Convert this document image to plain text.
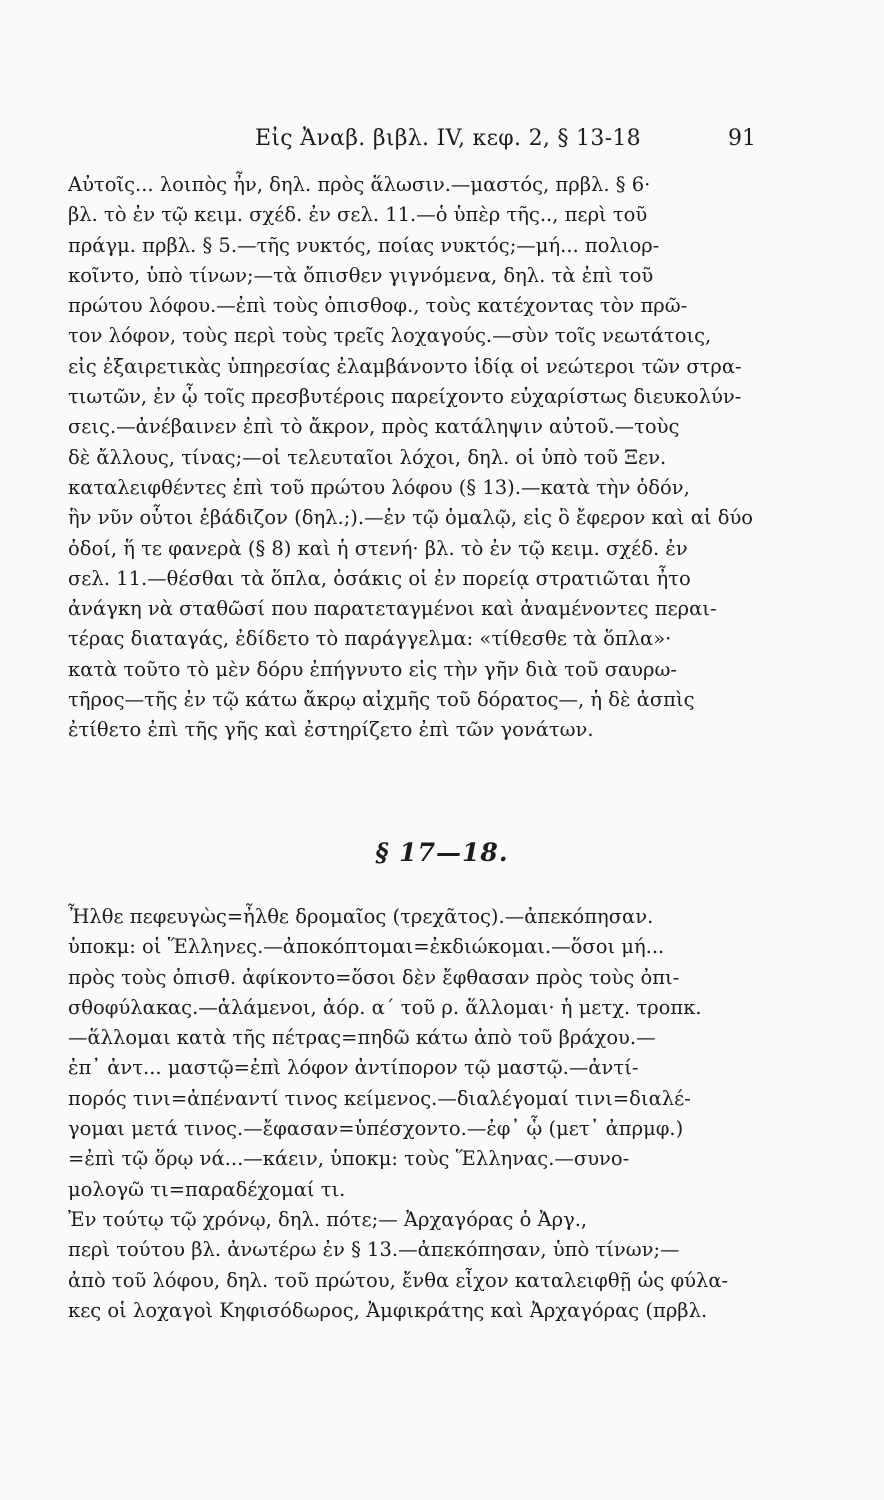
Εἰς Ἀναβ. βιβλ. IV, κεφ. 2, § 13-18	91
Αὐτοῖς... λοιπὸς ἦν, δηλ. πρὸς ἅλωσιν.—μαστός, πρβλ. § 6·
βλ. τὸ ἐν τῷ κειμ. σχέδ. ἐν σελ. 11.—ὁ ὑπὲρ τῆς.., περὶ τοῦ
πράγμ. πρβλ. § 5.—τῆς νυκτός, ποίας νυκτός;—μή... πολιορ-
κοῖντο, ὑπὸ τίνων;—τὰ ὄπισθεν γιγνόμενα, δηλ. τὰ ἐπὶ τοῦ
πρώτου λόφου.—ἐπὶ τοὺς ὀπισθοφ., τοὺς κατέχοντας τὸν πρῶ-
τον λόφον, τοὺς περὶ τοὺς τρεῖς λοχαγούς.—σὺν τοῖς νεωτάτοις,
εἰς ἐξαιρετικὰς ὑπηρεσίας ἐλαμβάνοντο ἰδίᾳ οἱ νεώτεροι τῶν στρα-
τιωτῶν, ἐν ᾧ τοῖς πρεσβυτέροις παρείχοντο εὐχαρίστως διευκολύν-
σεις.—ἀνέβαινεν ἐπὶ τὸ ἄκρον, πρὸς κατάληψιν αὐτοῦ.—τοὺς
δὲ ἄλλους, τίνας;—οἱ τελευταῖοι λόχοι, δηλ. οἱ ὑπὸ τοῦ Ξεν.
καταλειφθέντες ἐπὶ τοῦ πρώτου λόφου (§ 13).—κατὰ τὴν ὁδόν,
ἣν νῦν οὗτοι ἐβάδιζον (δηλ.;).—ἐν τῷ ὁμαλῷ, εἰς ὃ ἔφερον καὶ αἱ δύο
ὁδοί, ἥ τε φανερὰ (§ 8) καὶ ἡ στενή· βλ. τὸ ἐν τῷ κειμ. σχέδ. ἐν
σελ. 11.—θέσθαι τὰ ὅπλα, ὁσάκις οἱ ἐν πορείᾳ στρατιῶται ἦτο
ἀνάγκη νὰ σταθῶσί που παρατεταγμένοι καὶ ἀναμένοντες περαι-
τέρας διαταγάς, ἐδίδετο τὸ παράγγελμα: «τίθεσθε τὰ ὅπλα»·
κατὰ τοῦτο τὸ μὲν δόρυ ἐπήγνυτο εἰς τὴν γῆν διὰ τοῦ σαυρω-
τῆρος—τῆς ἐν τῷ κάτω ἄκρῳ αἰχμῆς τοῦ δόρατος—, ἡ δὲ ἀσπὶς
ἐτίθετο ἐπὶ τῆς γῆς καὶ ἐστηρίζετο ἐπὶ τῶν γονάτων.
§ 17—18.
Ἦλθε πεφευγὼς=ἦλθε δρομαῖος (τρεχᾶτος).—ἀπεκόπησαν.
ὑποκμ: οἱ Ἕλληνες.—ἀποκόπτομαι=ἐκδιώκομαι.—ὅσοι μή...
πρὸς τοὺς ὀπισθ. ἀφίκοντο=ὅσοι δὲν ἔφθασαν πρὸς τοὺς ὀπι-
σθοφύλακας.—ἁλάμενοι, ἀόρ. α´ τοῦ ρ. ἅλλομαι· ἡ μετχ. τροπκ.
—ἅλλομαι κατὰ τῆς πέτρας=πηδῶ κάτω ἀπὸ τοῦ βράχου.—
ἐπ᾽ ἀντ... μαστῷ=ἐπὶ λόφον ἀντίπορον τῷ μαστῷ.—ἀντί-
πορός τινι=ἀπέναντί τινος κείμενος.—διαλέγομαί τινι=διαλέ-
γομαι μετά τινος.—ἔφασαν=ὑπέσχοντο.—ἐφ᾽ ᾧ (μετ᾽ ἀπρμφ.)
=ἐπὶ τῷ ὅρῳ νά...—κάειν, ὑποκμ: τοὺς Ἕλληνας.—συνο-
μολογῶ τι=παραδέχομαί τι.
Ἐν τούτῳ τῷ χρόνῳ, δηλ. πότε;— Ἀρχαγόρας ὁ Ἀργ.,
περὶ τούτου βλ. ἀνωτέρω ἐν § 13.—ἀπεκόπησαν, ὑπὸ τίνων;—
ἀπὸ τοῦ λόφου, δηλ. τοῦ πρώτου, ἔνθα εἶχον καταλειφθῇ ὡς φύλα-
κες οἱ λοχαγοὶ Κηφισόδωρος, Ἀμφικράτης καὶ Ἀρχαγόρας (πρβλ.
